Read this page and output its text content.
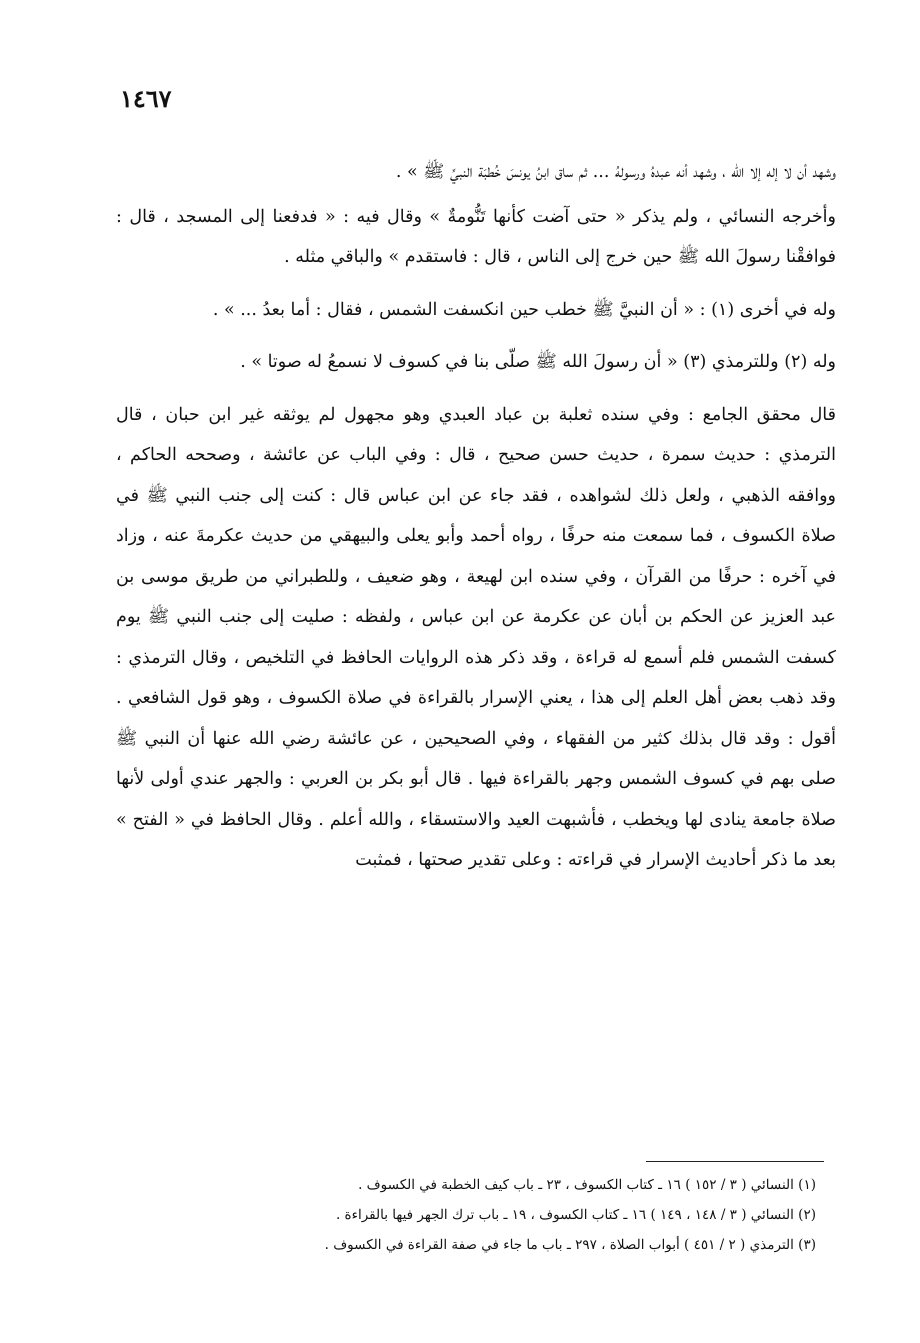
١٤٦٧

وشهد أن لا إله إلا الله ، وشهد أنه عبدهُ ورسولهُ ... ثم ساق ابنُ يونسَ خُطبَة النبيِّ ﷺ » .

وأخرجه النسائي ، ولم يذكر « حتى آضت كأنها تَنُّومةٌ » وقال فيه : « فدفعنا إلى المسجد ، قال : فوافقْنا رسولَ الله ﷺ حين خرج إلى الناس ، قال : فاستقدم » والباقي مثله .

وله في أخرى (١) : « أن النبيَّ ﷺ خطب حين انكسفت الشمس ، فقال : أما بعدُ ... » .

وله (٢) وللترمذي (٣) « أن رسولَ الله ﷺ صلّى بنا في كسوف لا نسمعُ له صوتا » .

قال محقق الجامع : وفي سنده ثعلبة بن عباد العبدي وهو مجهول لم يوثقه غير ابن حبان ، قال الترمذي : حديث سمرة ، حديث حسن صحيح ، قال : وفي الباب عن عائشة ، وصححه الحاكم ، ووافقه الذهبي ، ولعل ذلك لشواهده ، فقد جاء عن ابن عباس قال : كنت إلى جنب النبي ﷺ في صلاة الكسوف ، فما سمعت منه حرفًا ، رواه أحمد وأبو يعلى والبيهقي من حديث عكرمةَ عنه ، وزاد في آخره : حرفًا من القرآن ، وفي سنده ابن لهيعة ، وهو ضعيف ، وللطبراني من طريق موسى بن عبد العزيز عن الحكم بن أبان عن عكرمة عن ابن عباس ، ولفظه : صليت إلى جنب النبي ﷺ يوم كسفت الشمس فلم أسمع له قراءة ، وقد ذكر هذه الروايات الحافظ في التلخيص ، وقال الترمذي : وقد ذهب بعض أهل العلم إلى هذا ، يعني الإسرار بالقراءة في صلاة الكسوف ، وهو قول الشافعي . أقول : وقد قال بذلك كثير من الفقهاء ، وفي الصحيحين ، عن عائشة رضي الله عنها أن النبي ﷺ صلى بهم في كسوف الشمس وجهر بالقراءة فيها . قال أبو بكر بن العربي : والجهر عندي أولى لأنها صلاة جامعة ينادى لها ويخطب ، فأشبهت العيد والاستسقاء ، والله أعلم . وقال الحافظ في « الفتح » بعد ما ذكر أحاديث الإسرار في قراءته : وعلى تقدير صحتها ، فمثبت

(١) النسائي ( ٣ / ١٥٢ ) ١٦ ـ كتاب الكسوف ، ٢٣ ـ باب كيف الخطبة في الكسوف .

(٢) النسائي ( ٣ / ١٤٨ ، ١٤٩ ) ١٦ ـ كتاب الكسوف ، ١٩ ـ باب ترك الجهر فيها بالقراءة .

(٣) الترمذي ( ٢ / ٤٥١ ) أبواب الصلاة ، ٢٩٧ ـ باب ما جاء في صفة القراءة في الكسوف .
